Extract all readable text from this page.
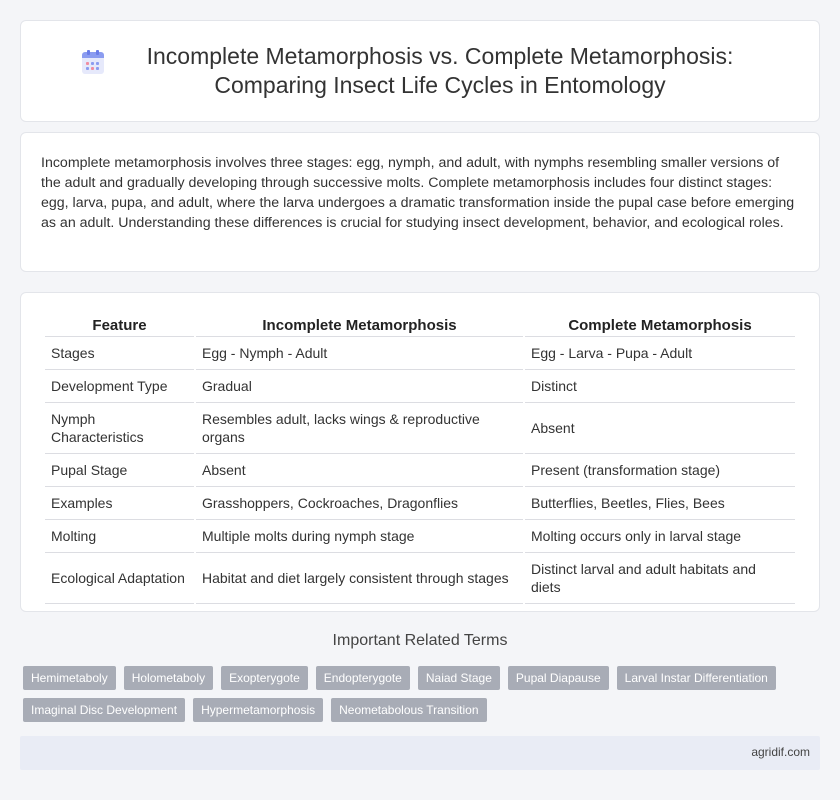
Incomplete Metamorphosis vs. Complete Metamorphosis: Comparing Insect Life Cycles in Entomology

Incomplete metamorphosis involves three stages: egg, nymph, and adult, with nymphs resembling smaller versions of the adult and gradually developing through successive molts. Complete metamorphosis includes four distinct stages: egg, larva, pupa, and adult, where the larva undergoes a dramatic transformation inside the pupal case before emerging as an adult. Understanding these differences is crucial for studying insect development, behavior, and ecological roles.

Feature	Incomplete Metamorphosis	Complete Metamorphosis
Stages	Egg - Nymph - Adult	Egg - Larva - Pupa - Adult
Development Type	Gradual	Distinct
Nymph Characteristics	Resembles adult, lacks wings & reproductive organs	Absent
Pupal Stage	Absent	Present (transformation stage)
Examples	Grasshoppers, Cockroaches, Dragonflies	Butterflies, Beetles, Flies, Bees
Molting	Multiple molts during nymph stage	Molting occurs only in larval stage
Ecological Adaptation	Habitat and diet largely consistent through stages	Distinct larval and adult habitats and diets
Important Related Terms
Hemimetaboly	Holometaboly	Exopterygote	Endopterygote	Naiad Stage	Pupal Diapause	Larval Instar Differentiation
Imaginal Disc Development	Hypermetamorphosis	Neometabolous Transition
agridif.com
